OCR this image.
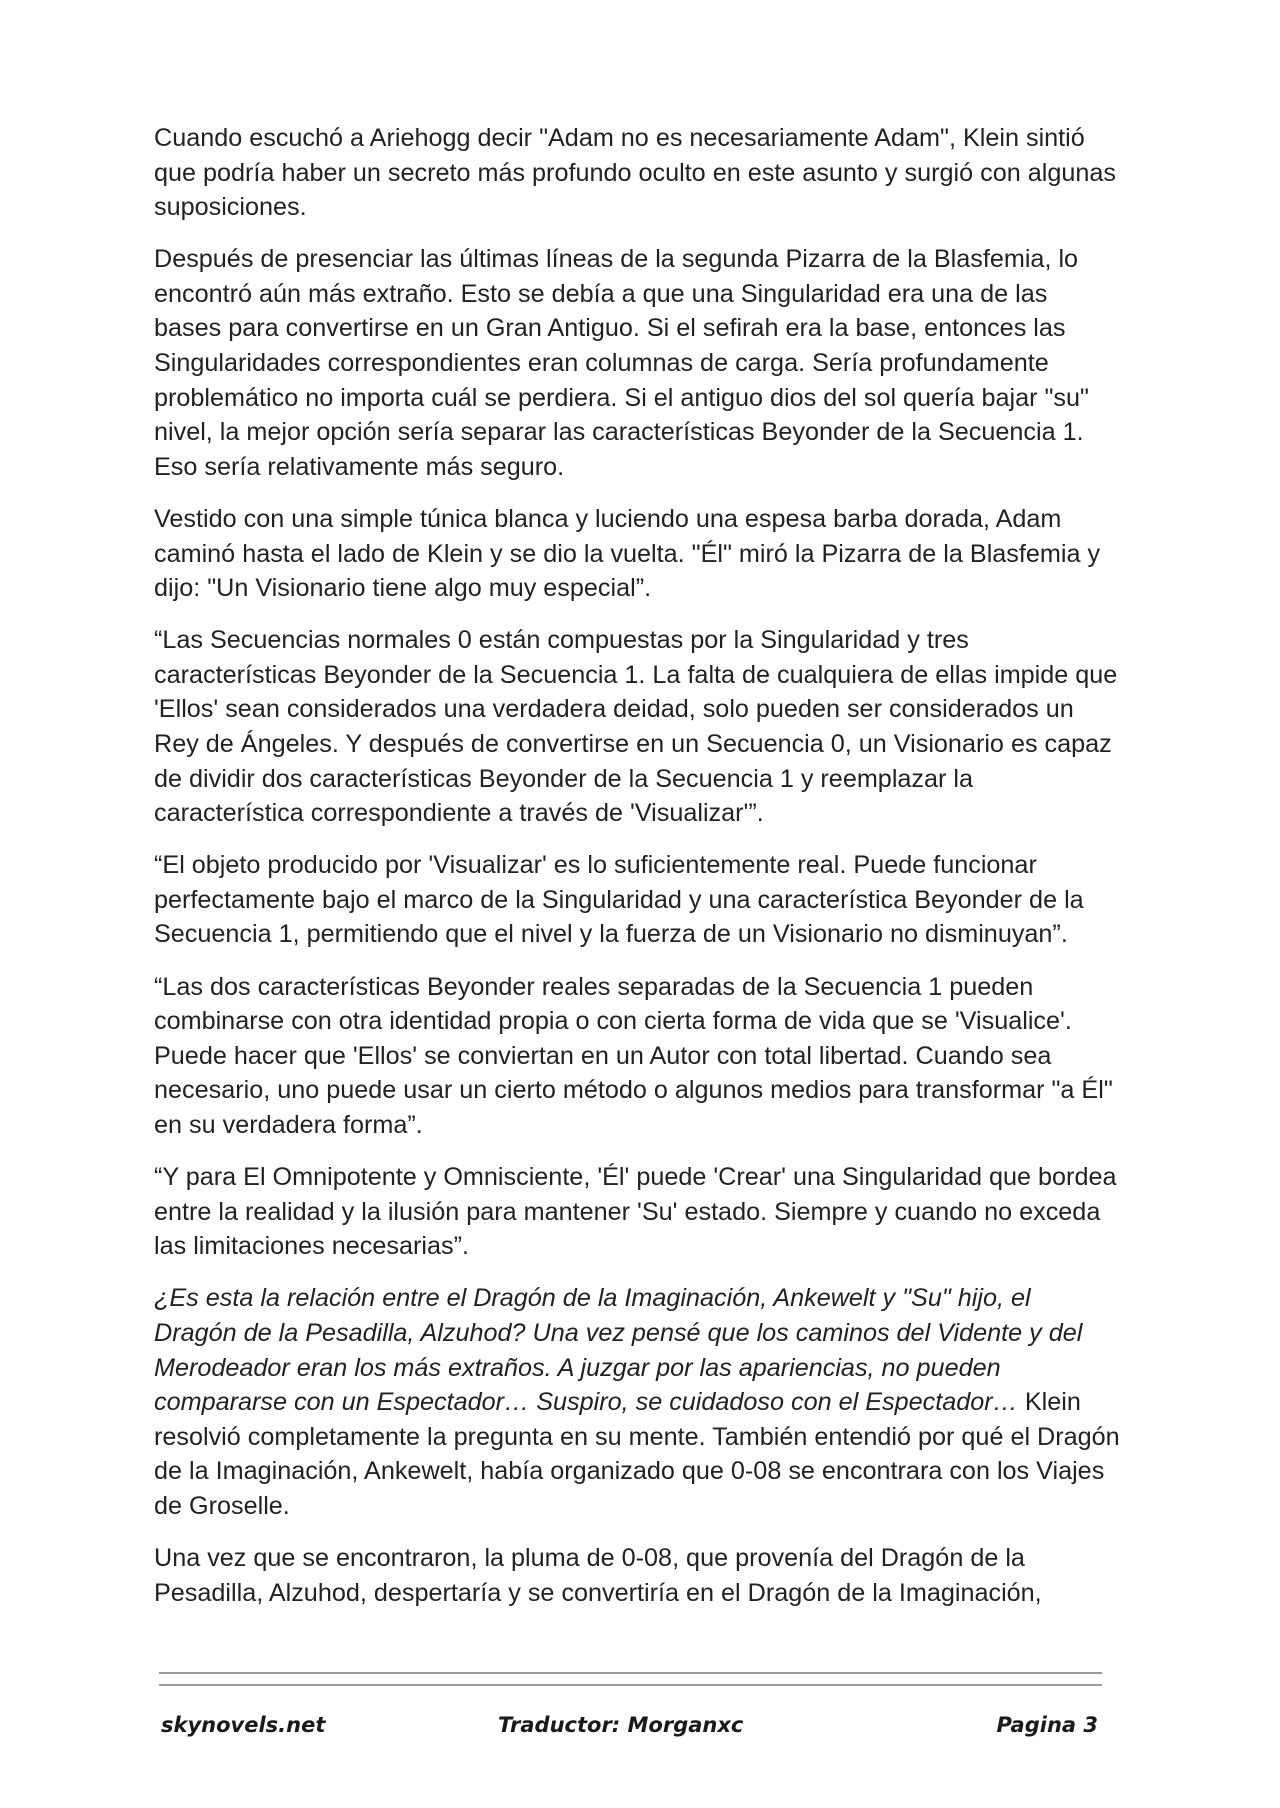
Cuando escuchó a Ariehogg decir "Adam no es necesariamente Adam", Klein sintió que podría haber un secreto más profundo oculto en este asunto y surgió con algunas suposiciones.

Después de presenciar las últimas líneas de la segunda Pizarra de la Blasfemia, lo encontró aún más extraño. Esto se debía a que una Singularidad era una de las bases para convertirse en un Gran Antiguo. Si el sefirah era la base, entonces las Singularidades correspondientes eran columnas de carga. Sería profundamente problemático no importa cuál se perdiera. Si el antiguo dios del sol quería bajar "su" nivel, la mejor opción sería separar las características Beyonder de la Secuencia 1. Eso sería relativamente más seguro.

Vestido con una simple túnica blanca y luciendo una espesa barba dorada, Adam caminó hasta el lado de Klein y se dio la vuelta. "Él" miró la Pizarra de la Blasfemia y dijo: "Un Visionario tiene algo muy especial”.

“Las Secuencias normales 0 están compuestas por la Singularidad y tres características Beyonder de la Secuencia 1. La falta de cualquiera de ellas impide que 'Ellos' sean considerados una verdadera deidad, solo pueden ser considerados un Rey de Ángeles. Y después de convertirse en un Secuencia 0, un Visionario es capaz de dividir dos características Beyonder de la Secuencia 1 y reemplazar la característica correspondiente a través de 'Visualizar'”.

“El objeto producido por 'Visualizar' es lo suficientemente real. Puede funcionar perfectamente bajo el marco de la Singularidad y una característica Beyonder de la Secuencia 1, permitiendo que el nivel y la fuerza de un Visionario no disminuyan”.

“Las dos características Beyonder reales separadas de la Secuencia 1 pueden combinarse con otra identidad propia o con cierta forma de vida que se 'Visualice'. Puede hacer que 'Ellos' se conviertan en un Autor con total libertad. Cuando sea necesario, uno puede usar un cierto método o algunos medios para transformar "a Él" en su verdadera forma”.

“Y para El Omnipotente y Omnisciente, 'Él' puede 'Crear' una Singularidad que bordea entre la realidad y la ilusión para mantener 'Su' estado. Siempre y cuando no exceda las limitaciones necesarias”.

¿Es esta la relación entre el Dragón de la Imaginación, Ankewelt y "Su" hijo, el Dragón de la Pesadilla, Alzuhod? Una vez pensé que los caminos del Vidente y del Merodeador eran los más extraños. A juzgar por las apariencias, no pueden compararse con un Espectador… Suspiro, se cuidadoso con el Espectador… Klein resolvió completamente la pregunta en su mente. También entendió por qué el Dragón de la Imaginación, Ankewelt, había organizado que 0-08 se encontrara con los Viajes de Groselle.

Una vez que se encontraron, la pluma de 0-08, que provenía del Dragón de la Pesadilla, Alzuhod, despertaría y se convertiría en el Dragón de la Imaginación,

skynovels.net	Traductor: Morganxc	Pagina 3
